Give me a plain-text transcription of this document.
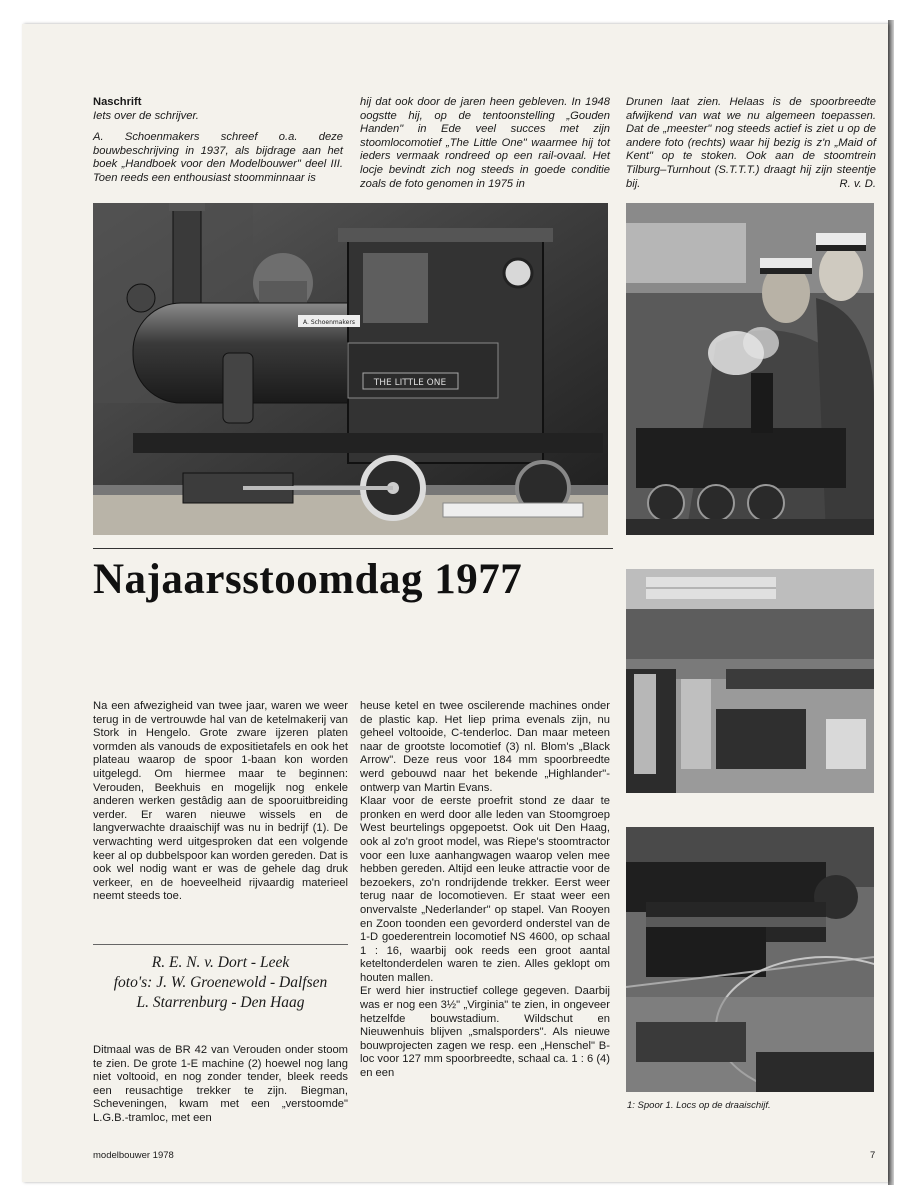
Naschrift

Iets over de schrijver.

A. Schoenmakers schreef o.a. deze bouwbeschrijving in 1937, als bijdrage aan het boek „Handboek voor den Modelbouwer" deel III. Toen reeds een enthousiast stoomminnaar is

hij dat ook door de jaren heen gebleven. In 1948 oogstte hij, op de tentoonstelling „Gouden Handen" in Ede veel succes met zijn stoomlocomotief „The Little One" waarmee hij tot ieders vermaak rondreed op een rail-ovaal. Het locje bevindt zich nog steeds in goede conditie zoals de foto genomen in 1975 in

Drunen laat zien. Helaas is de spoorbreedte afwijkend van wat we nu algemeen toepassen. Dat de „meester" nog steeds actief is ziet u op de andere foto (rechts) waar hij bezig is z'n „Maid of Kent" op te stoken. Ook aan de stoomtrein Tilburg–Turnhout (S.T.T.T.) draagt hij zijn steentje bij.	R. v. D.

THE LITTLE ONE
A. Schoenmakers
Najaarsstoomdag 1977
1: Spoor 1. Locs op de draaischijf.

Na een afwezigheid van twee jaar, waren we weer terug in de vertrouwde hal van de ketelmakerij van Stork in Hengelo. Grote zware ijzeren platen vormden als vanouds de expositietafels en ook het plateau waarop de spoor 1-baan kon worden uitgelegd. Om hiermee maar te beginnen: Verouden, Beekhuis en mogelijk nog enkele anderen werken gestâdig aan de spooruitbreiding verder. Er waren nieuwe wissels en de langverwachte draaischijf was nu in bedrijf (1). De verwachting werd uitgesproken dat een volgende keer al op dubbelspoor kan worden gereden. Dat is ook wel nodig want er was de gehele dag druk verkeer, en de hoeveelheid rijvaardig materieel neemt steeds toe.

R. E. N. v. Dort - Leek
foto's: J. W. Groenewold - Dalfsen
L. Starrenburg - Den Haag

Ditmaal was de BR 42 van Verouden onder stoom te zien. De grote 1-E machine (2) hoewel nog lang niet voltooid, en nog zonder tender, bleek reeds een reusachtige trekker te zijn. Biegman, Scheveningen, kwam met een „verstoomde" L.G.B.-tramloc, met een

heuse ketel en twee oscilerende machines onder de plastic kap. Het liep prima evenals zijn, nu geheel voltooide, C-tenderloc. Dan maar meteen naar de grootste locomotief (3) nl. Blom's „Black Arrow". Deze reus voor 184 mm spoorbreedte werd gebouwd naar het bekende „Highlander"-ontwerp van Martin Evans.

Klaar voor de eerste proefrit stond ze daar te pronken en werd door alle leden van Stoomgroep West beurtelings opgepoetst. Ook uit Den Haag, ook al zo'n groot model, was Riepe's stoomtractor voor een luxe aanhangwagen waarop velen mee hebben gereden. Altijd een leuke attractie voor de bezoekers, zo'n rondrijdende trekker. Eerst weer terug naar de locomotieven. Er staat weer een onvervalste „Nederlander" op stapel. Van Rooyen en Zoon toonden een gevorderd onderstel van de 1-D goederentrein locomotief NS 4600, op schaal 1 : 16, waarbij ook reeds een groot aantal keteltonderdelen waren te zien. Alles geklopt om houten mallen.

Er werd hier instructief college gegeven. Daarbij was er nog een 3½" „Virginia" te zien, in ongeveer hetzelfde bouwstadium. Wildschut en Nieuwenhuis blijven „smalsporders". Als nieuwe bouwprojecten zagen we resp. een „Henschel" B-loc voor 127 mm spoorbreedte, schaal ca. 1 : 6 (4) en een

modelbouwer 1978	7
